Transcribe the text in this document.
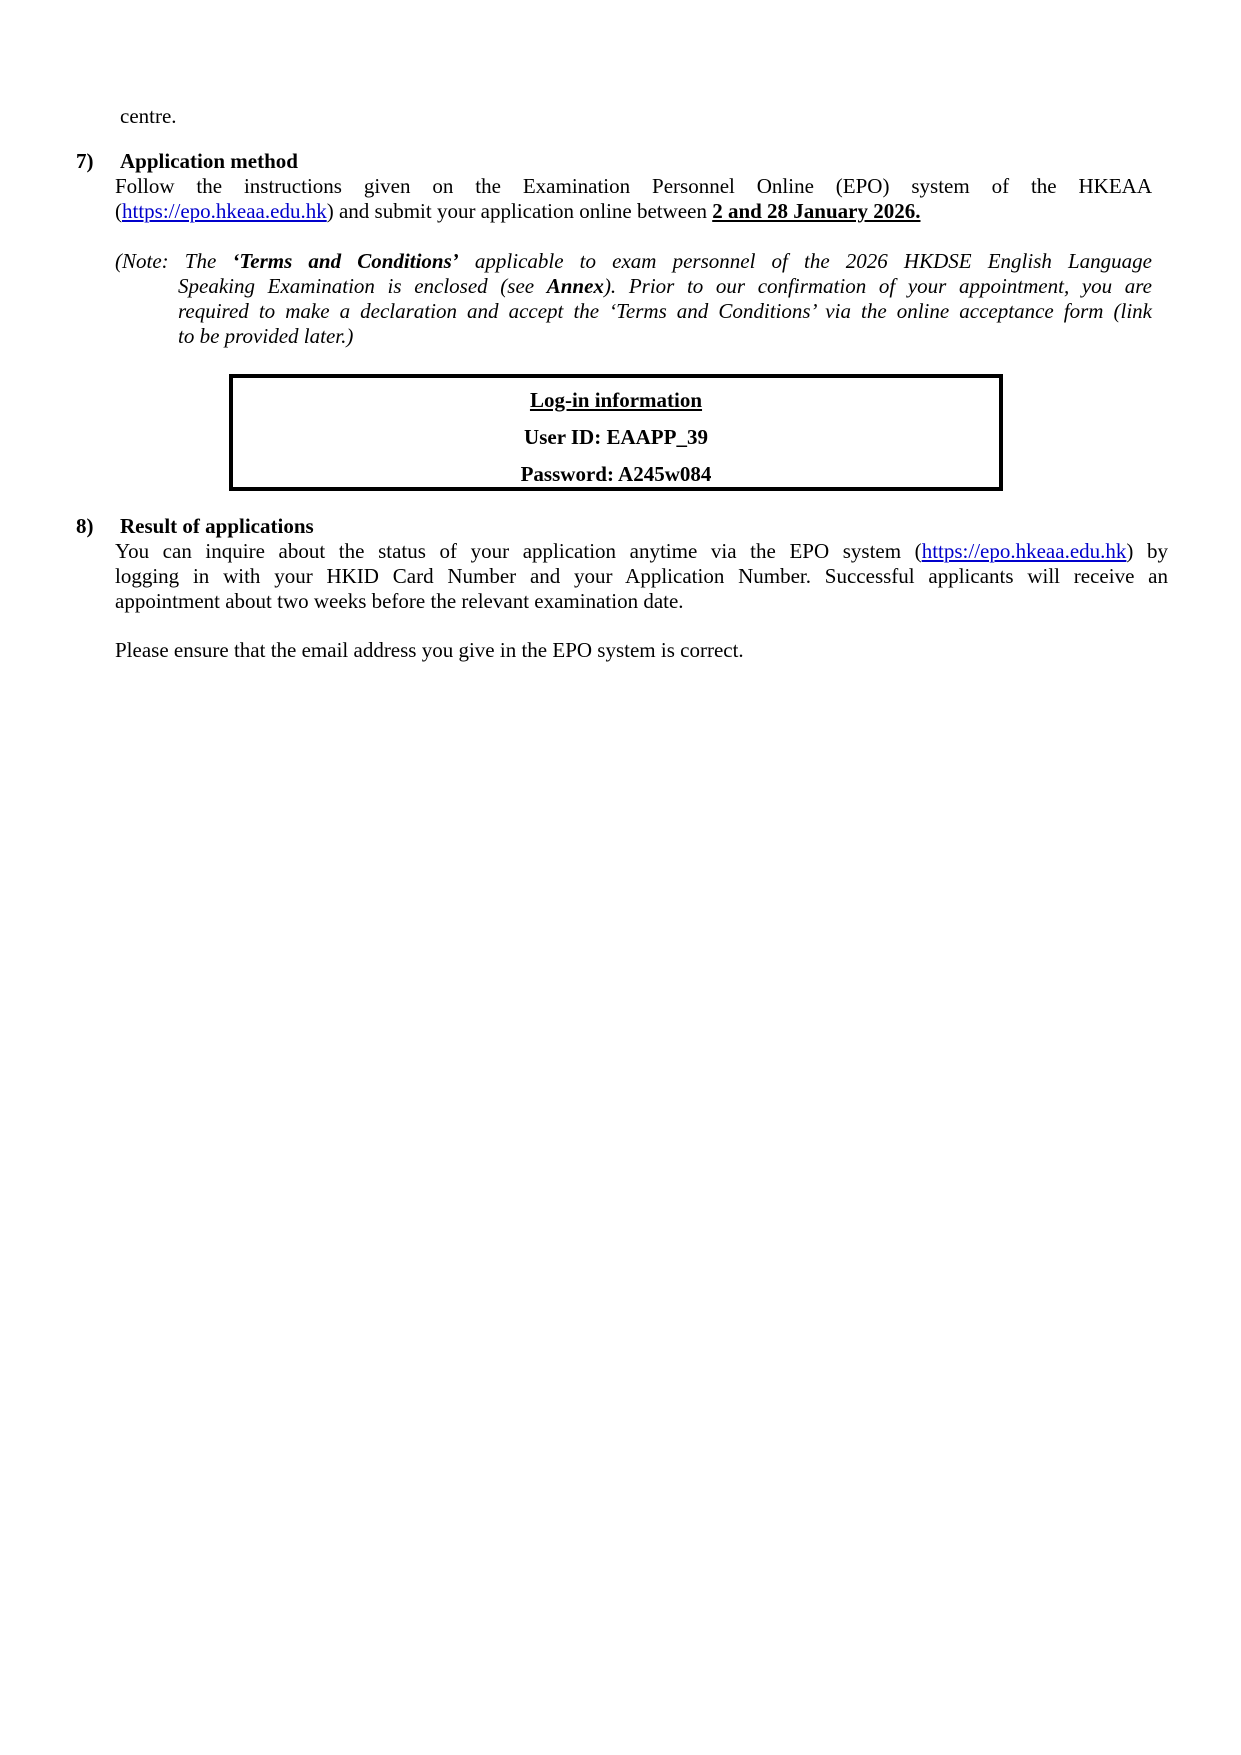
centre.
7) Application method
Follow the instructions given on the Examination Personnel Online (EPO) system of the HKEAA
(https://epo.hkeaa.edu.hk) and submit your application online between 2 and 28 January 2026.
(Note: The ‘Terms and Conditions’ applicable to exam personnel of the 2026 HKDSE English Language
Speaking Examination is enclosed (see Annex). Prior to our confirmation of your appointment, you are
required to make a declaration and accept the ‘Terms and Conditions’ via the online acceptance form (link
to be provided later.)
Log-in information
User ID: EAAPP_39
Password: A245w084
8) Result of applications
You can inquire about the status of your application anytime via the EPO system (https://epo.hkeaa.edu.hk) by
logging in with your HKID Card Number and your Application Number. Successful applicants will receive an
appointment about two weeks before the relevant examination date.
Please ensure that the email address you give in the EPO system is correct.
